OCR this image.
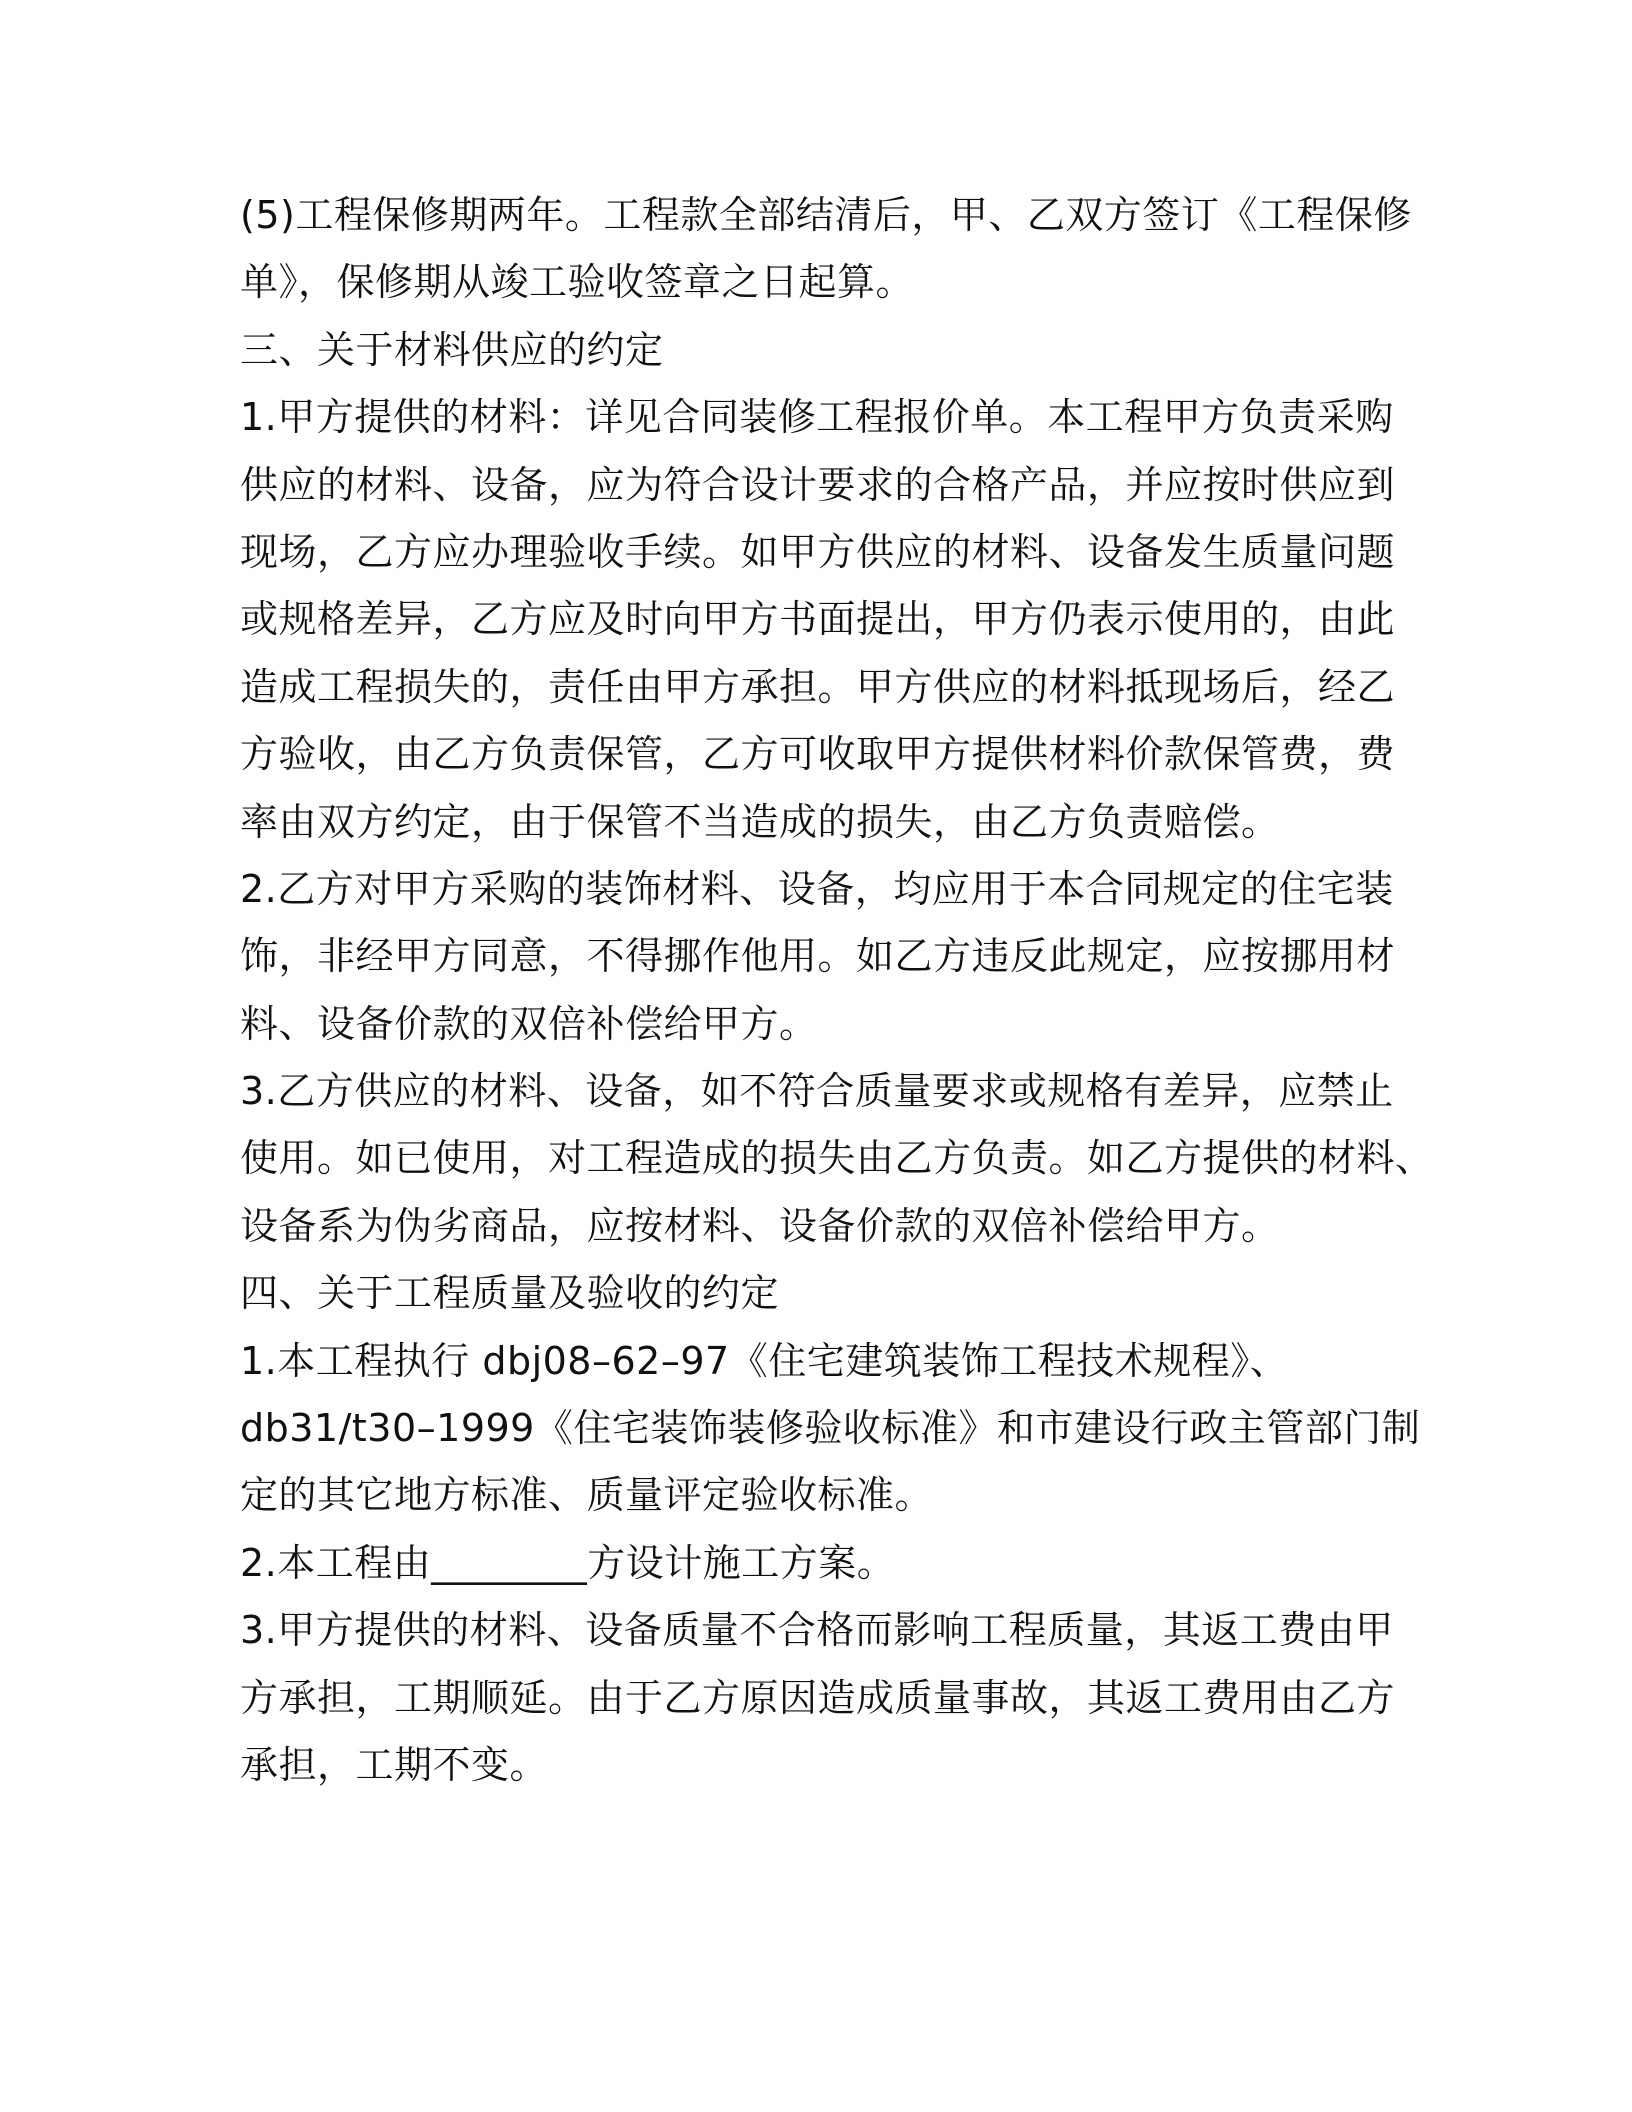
(5)工程保修期两年。工程款全部结清后，甲、乙双方签订《工程保修
单》，保修期从竣工验收签章之日起算。
三、关于材料供应的约定
1.甲方提供的材料：详见合同装修工程报价单。本工程甲方负责采购
供应的材料、设备，应为符合设计要求的合格产品，并应按时供应到
现场，乙方应办理验收手续。如甲方供应的材料、设备发生质量问题
或规格差异，乙方应及时向甲方书面提出，甲方仍表示使用的，由此
造成工程损失的，责任由甲方承担。甲方供应的材料抵现场后，经乙
方验收，由乙方负责保管，乙方可收取甲方提供材料价款保管费，费
率由双方约定，由于保管不当造成的损失，由乙方负责赔偿。
2.乙方对甲方采购的装饰材料、设备，均应用于本合同规定的住宅装
饰，非经甲方同意，不得挪作他用。如乙方违反此规定，应按挪用材
料、设备价款的双倍补偿给甲方。
3.乙方供应的材料、设备，如不符合质量要求或规格有差异，应禁止
使用。如已使用，对工程造成的损失由乙方负责。如乙方提供的材料、
设备系为伪劣商品，应按材料、设备价款的双倍补偿给甲方。
四、关于工程质量及验收的约定
1.本工程执行 dbj08–62–97《住宅建筑装饰工程技术规程》、
db31/t30–1999《住宅装饰装修验收标准》和市建设行政主管部门制
定的其它地方标准、质量评定验收标准。
2.本工程由________方设计施工方案。
3.甲方提供的材料、设备质量不合格而影响工程质量，其返工费由甲
方承担，工期顺延。由于乙方原因造成质量事故，其返工费用由乙方
承担，工期不变。
